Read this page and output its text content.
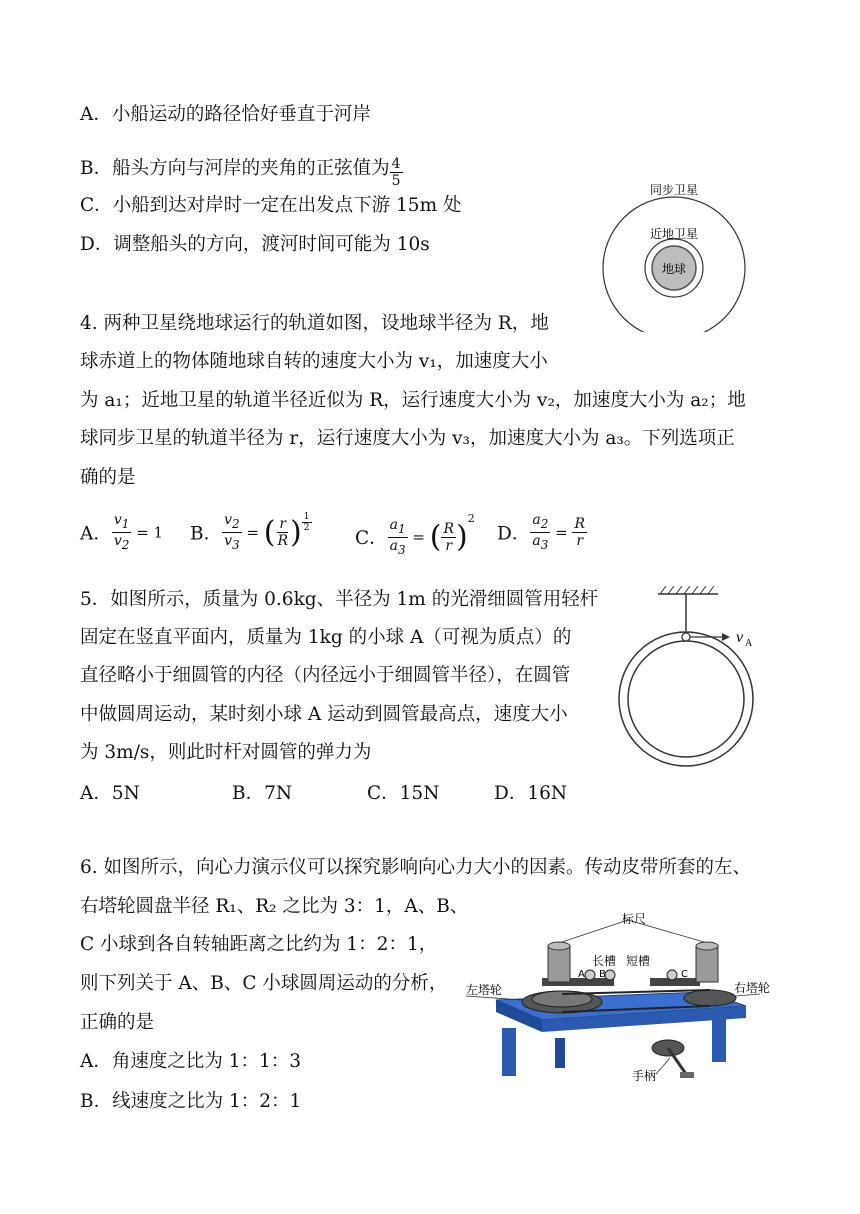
A．小船运动的路径恰好垂直于河岸
B．船头方向与河岸的夹角的正弦值为 $\frac{4}{5}$
C．小船到达对岸时一定在出发点下游 15m 处
D．调整船头的方向，渡河时间可能为 10s
同步卫星
近地卫星
地球
4. 两种卫星绕地球运行的轨道如图，设地球半径为 R，地
球赤道上的物体随地球自转的速度大小为 v₁，加速度大小
为 a₁；近地卫星的轨道半径近似为 R，运行速度大小为 v₂，加速度大小为 a₂；地
球同步卫星的轨道半径为 r，运行速度大小为 v₃，加速度大小为 a₃。下列选项正
确的是
A． $\frac{v_1}{v_2} = 1$ B． $\frac{v_2}{v_3}$ = ( $\frac{r}{R}$ ) $\frac{1}{2}$
C． $\frac{a_1}{a_3}$ = ( $\frac{R}{r} )^2$
D． $\frac{a_2}{a_3} = \frac{R}{r}$
5．如图所示，质量为 0.6kg、半径为 1m 的光滑细圆管用轻杆
固定在竖直平面内，质量为 1kg 的小球 A（可视为质点）的
直径略小于细圆管的内径（内径远小于细圆管半径），在圆管
中做圆周运动，某时刻小球 A 运动到圆管最高点，速度大小
为 3m/s，则此时杆对圆管的弹力为
A．5N	B．7N	C．15N	D．16N
v A
6. 如图所示，向心力演示仪可以探究影响向心力大小的因素。传动皮带所套的左、
右塔轮圆盘半径 R₁、R₂ 之比为 3：1，A、B、
C 小球到各自转轴距离之比约为 1：2：1，
则下列关于 A、B、C 小球圆周运动的分析，
正确的是
A．角速度之比为 1：1：3
B．线速度之比为 1：2：1
A B	C
标尺
长槽 短槽
左塔轮	右塔轮
手柄
